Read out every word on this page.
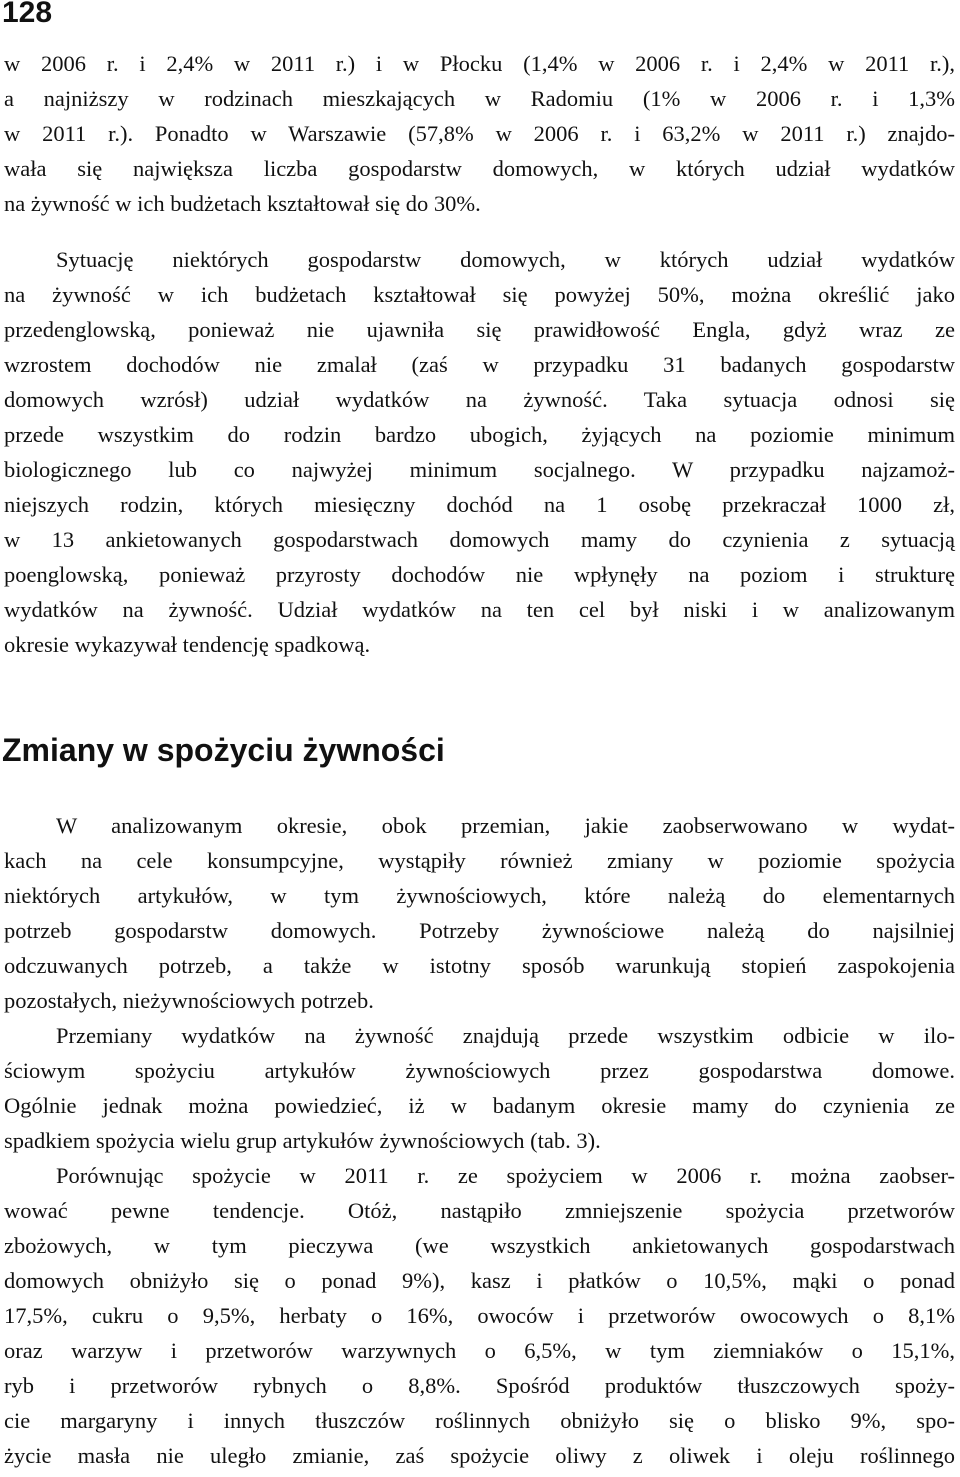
128
w 2006 r. i 2,4% w 2011 r.) i w Płocku (1,4% w 2006 r. i 2,4% w 2011 r.),
a najniższy w rodzinach mieszkających w Radomiu (1% w 2006 r. i 1,3%
w 2011 r.). Ponadto w Warszawie (57,8% w 2006 r. i 63,2% w 2011 r.) znajdo-
wała się największa liczba gospodarstw domowych, w których udział wydatków
na żywność w ich budżetach kształtował się do 30%.
Sytuację niektórych gospodarstw domowych, w których udział wydatków
na żywność w ich budżetach kształtował się powyżej 50%, można określić jako
przedenglowską, ponieważ nie ujawniła się prawidłowość Engla, gdyż wraz ze
wzrostem dochodów nie zmalał (zaś w przypadku 31 badanych gospodarstw
domowych wzrósł) udział wydatków na żywność. Taka sytuacja odnosi się
przede wszystkim do rodzin bardzo ubogich, żyjących na poziomie minimum
biologicznego lub co najwyżej minimum socjalnego. W przypadku najzamoż-
niejszych rodzin, których miesięczny dochód na 1 osobę przekraczał 1000 zł,
w 13 ankietowanych gospodarstwach domowych mamy do czynienia z sytuacją
poenglowską, ponieważ przyrosty dochodów nie wpłynęły na poziom i strukturę
wydatków na żywność. Udział wydatków na ten cel był niski i w analizowanym
okresie wykazywał tendencję spadkową.
Zmiany w spożyciu żywności
W analizowanym okresie, obok przemian, jakie zaobserwowano w wydat-
kach na cele konsumpcyjne, wystąpiły również zmiany w poziomie spożycia
niektórych artykułów, w tym żywnościowych, które należą do elementarnych
potrzeb gospodarstw domowych. Potrzeby żywnościowe należą do najsilniej
odczuwanych potrzeb, a także w istotny sposób warunkują stopień zaspokojenia
pozostałych, nieżywnościowych potrzeb.
Przemiany wydatków na żywność znajdują przede wszystkim odbicie w ilo-
ściowym spożyciu artykułów żywnościowych przez gospodarstwa domowe.
Ogólnie jednak można powiedzieć, iż w badanym okresie mamy do czynienia ze
spadkiem spożycia wielu grup artykułów żywnościowych (tab. 3).
Porównując spożycie w 2011 r. ze spożyciem w 2006 r. można zaobser-
wować pewne tendencje. Otóż, nastąpiło zmniejszenie spożycia przetworów
zbożowych, w tym pieczywa (we wszystkich ankietowanych gospodarstwach
domowych obniżyło się o ponad 9%), kasz i płatków o 10,5%, mąki o ponad
17,5%, cukru o 9,5%, herbaty o 16%, owoców i przetworów owocowych o 8,1%
oraz warzyw i przetworów warzywnych o 6,5%, w tym ziemniaków o 15,1%,
ryb i przetworów rybnych o 8,8%. Spośród produktów tłuszczowych spoży-
cie margaryny i innych tłuszczów roślinnych obniżyło się o blisko 9%, spo-
życie masła nie uległo zmianie, zaś spożycie oliwy z oliwek i oleju roślinnego
